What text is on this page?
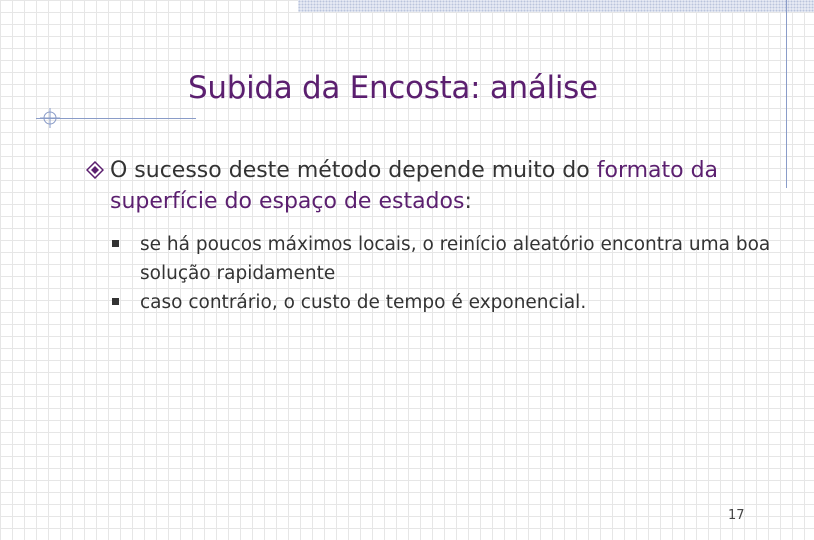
Subida da Encosta: análise
O sucesso deste método depende muito do formato da superfície do espaço de estados:
se há poucos máximos locais, o reinício aleatório encontra uma boa solução rapidamente
caso contrário, o custo de tempo é exponencial.
17
